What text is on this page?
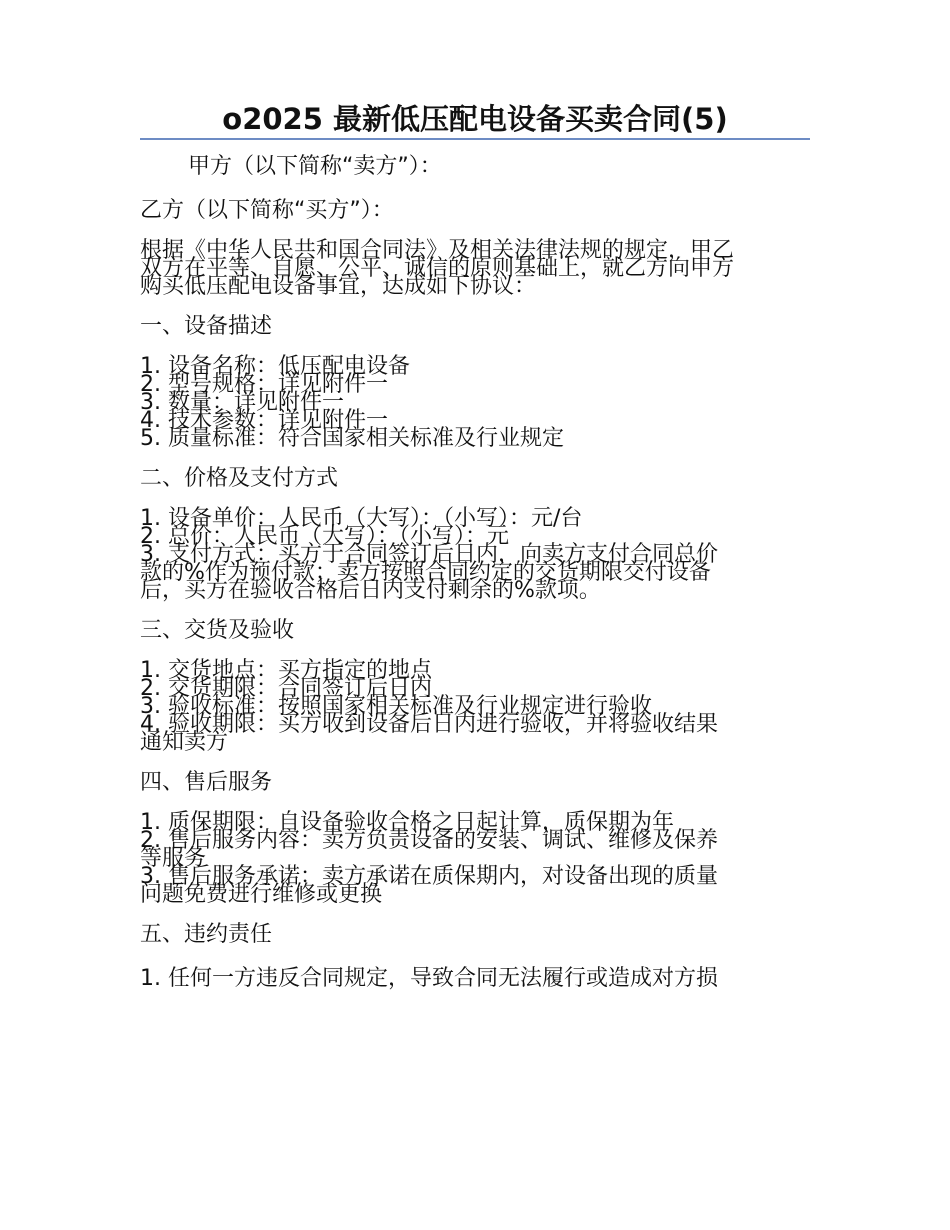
o2025 最新低压配电设备买卖合同(5)

甲方（以下简称“卖方”）：

乙方（以下简称“买方”）：

根据《中华人民共和国合同法》及相关法律法规的规定，甲乙

双方在平等、自愿、公平、诚信的原则基础上，就乙方向甲方

购买低压配电设备事宜，达成如下协议：

一、设备描述

1. 设备名称：低压配电设备

2. 型号规格：详见附件一

3. 数量：详见附件一

4. 技术参数：详见附件一

5. 质量标准：符合国家相关标准及行业规定

二、价格及支付方式

1. 设备单价：人民币（大写）：（小写）：元/台

2. 总价：人民币（大写）：（小写）：元

3. 支付方式：买方于合同签订后日内，向卖方支付合同总价

款的%作为预付款；卖方按照合同约定的交货期限交付设备

后，买方在验收合格后日内支付剩余的%款项。

三、交货及验收

1. 交货地点：买方指定的地点

2. 交货期限：合同签订后日内

3. 验收标准：按照国家相关标准及行业规定进行验收

4. 验收期限：买方收到设备后日内进行验收，并将验收结果

通知卖方

四、售后服务

1. 质保期限：自设备验收合格之日起计算，质保期为年

2. 售后服务内容：卖方负责设备的安装、调试、维修及保养

等服务

3. 售后服务承诺：卖方承诺在质保期内，对设备出现的质量

问题免费进行维修或更换

五、违约责任

1. 任何一方违反合同规定，导致合同无法履行或造成对方损
